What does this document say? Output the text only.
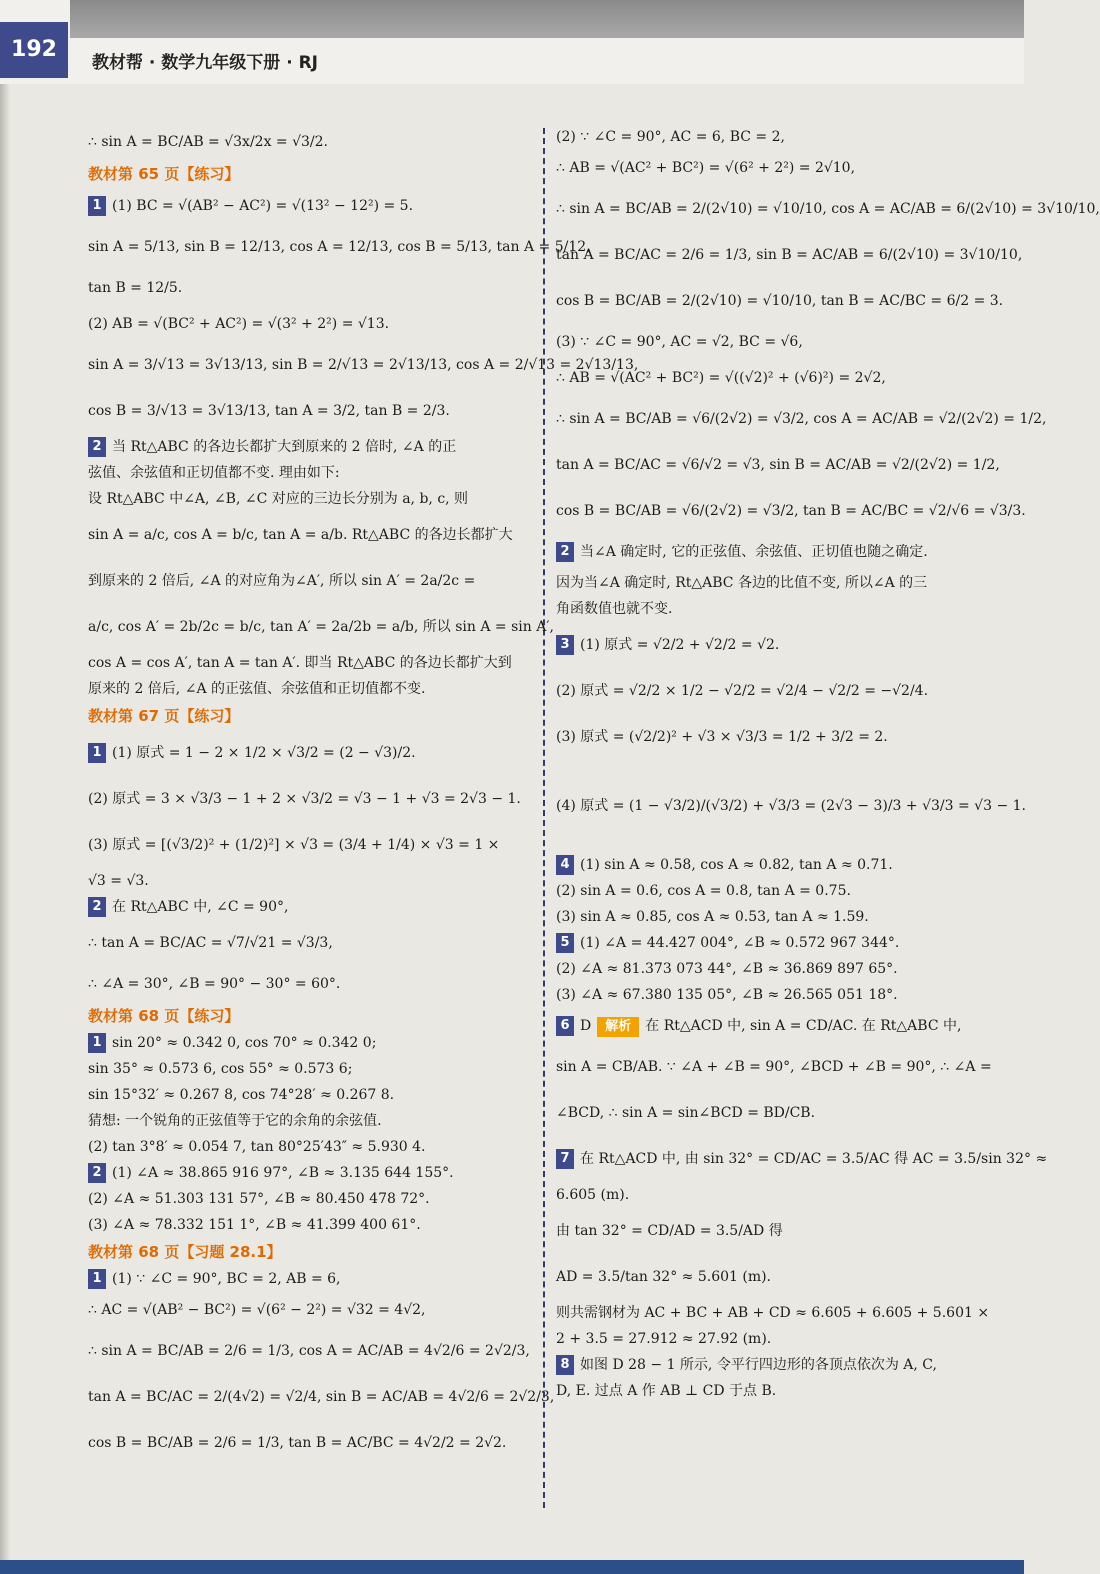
192
教材帮 · 数学九年级下册 · RJ
∴ sin A = BC/AB = √3x/2x = √3/2.
教材第 65 页【练习】
1 (1) BC = √(AB² − AC²) = √(13² − 12²) = 5.
sin A = 5/13, sin B = 12/13, cos A = 12/13, cos B = 5/13, tan A = 5/12,
tan B = 12/5.
(2) AB = √(BC² + AC²) = √(3² + 2²) = √13.
sin A = 3/√13 = 3√13/13, sin B = 2/√13 = 2√13/13, cos A = 2/√13 = 2√13/13,
cos B = 3/√13 = 3√13/13, tan A = 3/2, tan B = 2/3.
2 当 Rt△ABC 的各边长都扩大到原来的 2 倍时, ∠A 的正
弦值、余弦值和正切值都不变. 理由如下:
设 Rt△ABC 中∠A, ∠B, ∠C 对应的三边长分别为 a, b, c, 则
sin A = a/c, cos A = b/c, tan A = a/b. Rt△ABC 的各边长都扩大
到原来的 2 倍后, ∠A 的对应角为∠A′, 所以 sin A′ = 2a/2c =
a/c, cos A′ = 2b/2c = b/c, tan A′ = 2a/2b = a/b, 所以 sin A = sin A′,
cos A = cos A′, tan A = tan A′. 即当 Rt△ABC 的各边长都扩大到
原来的 2 倍后, ∠A 的正弦值、余弦值和正切值都不变.
教材第 67 页【练习】
1 (1) 原式 = 1 − 2 × 1/2 × √3/2 = (2 − √3)/2.
(2) 原式 = 3 × √3/3 − 1 + 2 × √3/2 = √3 − 1 + √3 = 2√3 − 1.
(3) 原式 = [(√3/2)² + (1/2)²] × √3 = (3/4 + 1/4) × √3 = 1 ×
√3 = √3.
2 在 Rt△ABC 中, ∠C = 90°,
∴ tan A = BC/AC = √7/√21 = √3/3,
∴ ∠A = 30°, ∠B = 90° − 30° = 60°.
教材第 68 页【练习】
1 sin 20° ≈ 0.342 0, cos 70° ≈ 0.342 0;
sin 35° ≈ 0.573 6, cos 55° ≈ 0.573 6;
sin 15°32′ ≈ 0.267 8, cos 74°28′ ≈ 0.267 8.
猜想: 一个锐角的正弦值等于它的余角的余弦值.
(2) tan 3°8′ ≈ 0.054 7, tan 80°25′43″ ≈ 5.930 4.
2 (1) ∠A ≈ 38.865 916 97°, ∠B ≈ 3.135 644 155°.
(2) ∠A ≈ 51.303 131 57°, ∠B ≈ 80.450 478 72°.
(3) ∠A ≈ 78.332 151 1°, ∠B ≈ 41.399 400 61°.
教材第 68 页【习题 28.1】
1 (1) ∵ ∠C = 90°, BC = 2, AB = 6,
∴ AC = √(AB² − BC²) = √(6² − 2²) = √32 = 4√2,
∴ sin A = BC/AB = 2/6 = 1/3, cos A = AC/AB = 4√2/6 = 2√2/3,
tan A = BC/AC = 2/(4√2) = √2/4, sin B = AC/AB = 4√2/6 = 2√2/3,
cos B = BC/AB = 2/6 = 1/3, tan B = AC/BC = 4√2/2 = 2√2.
(2) ∵ ∠C = 90°, AC = 6, BC = 2,
∴ AB = √(AC² + BC²) = √(6² + 2²) = 2√10,
∴ sin A = BC/AB = 2/(2√10) = √10/10, cos A = AC/AB = 6/(2√10) = 3√10/10,
tan A = BC/AC = 2/6 = 1/3, sin B = AC/AB = 6/(2√10) = 3√10/10,
cos B = BC/AB = 2/(2√10) = √10/10, tan B = AC/BC = 6/2 = 3.
(3) ∵ ∠C = 90°, AC = √2, BC = √6,
∴ AB = √(AC² + BC²) = √((√2)² + (√6)²) = 2√2,
∴ sin A = BC/AB = √6/(2√2) = √3/2, cos A = AC/AB = √2/(2√2) = 1/2,
tan A = BC/AC = √6/√2 = √3, sin B = AC/AB = √2/(2√2) = 1/2,
cos B = BC/AB = √6/(2√2) = √3/2, tan B = AC/BC = √2/√6 = √3/3.
2 当∠A 确定时, 它的正弦值、余弦值、正切值也随之确定.
因为当∠A 确定时, Rt△ABC 各边的比值不变, 所以∠A 的三
角函数值也就不变.
3 (1) 原式 = √2/2 + √2/2 = √2.
(2) 原式 = √2/2 × 1/2 − √2/2 = √2/4 − √2/2 = −√2/4.
(3) 原式 = (√2/2)² + √3 × √3/3 = 1/2 + 3/2 = 2.
(4) 原式 = (1 − √3/2)/(√3/2) + √3/3 = (2√3 − 3)/3 + √3/3 = √3 − 1.
4 (1) sin A ≈ 0.58, cos A ≈ 0.82, tan A ≈ 0.71.
(2) sin A = 0.6, cos A = 0.8, tan A = 0.75.
(3) sin A ≈ 0.85, cos A ≈ 0.53, tan A ≈ 1.59.
5 (1) ∠A = 44.427 004°, ∠B ≈ 0.572 967 344°.
(2) ∠A ≈ 81.373 073 44°, ∠B ≈ 36.869 897 65°.
(3) ∠A ≈ 67.380 135 05°, ∠B ≈ 26.565 051 18°.
6 D 解析 在 Rt△ACD 中, sin A = CD/AC. 在 Rt△ABC 中,
sin A = CB/AB. ∵ ∠A + ∠B = 90°, ∠BCD + ∠B = 90°, ∴ ∠A =
∠BCD, ∴ sin A = sin∠BCD = BD/CB.
7 在 Rt△ACD 中, 由 sin 32° = CD/AC = 3.5/AC 得 AC = 3.5/sin 32° ≈
6.605 (m).
由 tan 32° = CD/AD = 3.5/AD 得
AD = 3.5/tan 32° ≈ 5.601 (m).
则共需钢材为 AC + BC + AB + CD ≈ 6.605 + 6.605 + 5.601 ×
2 + 3.5 = 27.912 ≈ 27.92 (m).
8 如图 D 28 − 1 所示, 令平行四边形的各顶点依次为 A, C,
D, E. 过点 A 作 AB ⊥ CD 于点 B.
